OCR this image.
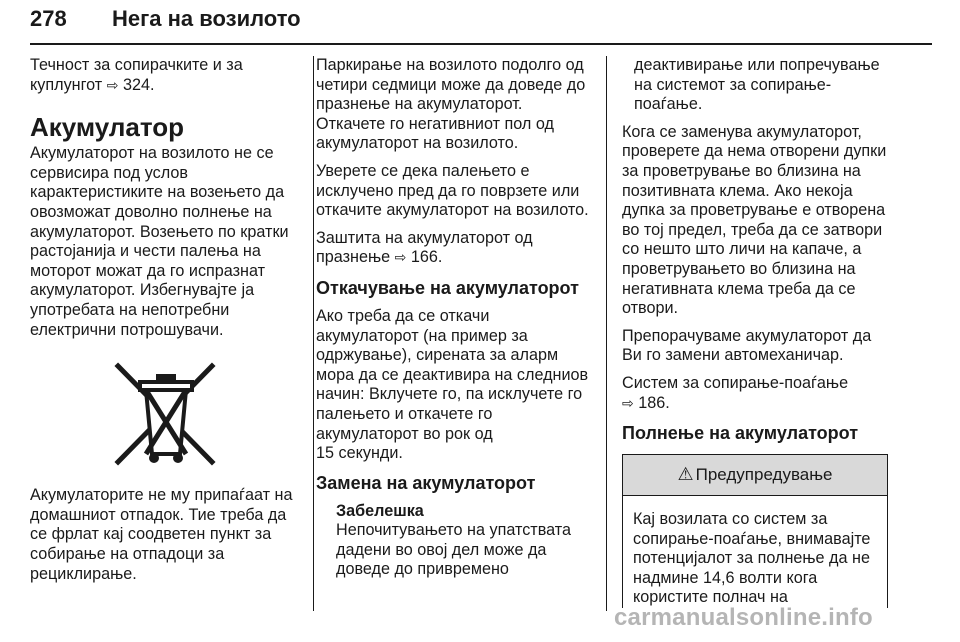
278 Нега на возилото

Течност за сопирачките и за
куплунгот ⇨ 324.

Акумулатор

Акумулаторот на возилото не се сервисира под услов карактеристиките на возењето да овозможат доволно полнење на акумулаторот. Возењето по кратки растојанија и чести палења на моторот можат да го испразнат акумулаторот. Избегнувајте ја употребата на непотребни електрични потрошувачи.

Акумулаторите не му припаѓаат на домашниот отпадок. Тие треба да се фрлат кај соодветен пункт за собирање на отпадоци за рециклирање.

Паркирање на возилото подолго од четири седмици може да доведе до празнење на акумулаторот. Откачете го негативниот пол од акумулаторот на возилото.

Уверете се дека палењето е исклучено пред да го поврзете или откачите акумулаторот на возилото.

Заштита на акумулаторот од празнење ⇨ 166.

Откачување на акумулаторот

Ако треба да се откачи акумулаторот (на пример за одржување), сирената за аларм мора да се деактивира на следниов начин: Вклучете го, па исклучете го палењето и откачете го акумулаторот во рок од
15 секунди.

Замена на акумулаторот
Забелешка
Непочитувањето на упатствата дадени во овој дел може да доведе до привремено

деактивирање или попречување на системот за сопирање-поаѓање.

Кога се заменува акумулаторот, проверете да нема отворени дупки за проветрување во близина на позитивната клема. Ако некоја дупка за проветрување е отворена во тој предел, треба да се затвори со нешто што личи на капаче, а проветрувањето во близина на негативната клема треба да се отвори.

Препорачуваме акумулаторот да Ви го замени автомеханичар.

Систем за сопирање-поаѓање
⇨ 186.

Полнење на акумулаторот
⚠ Предупредување
Кај возилата со систем за сопирање-поаѓање, внимавајте потенцијалот за полнење да не надмине 14,6 волти кога користите полнач на
carmanualsonline.info
